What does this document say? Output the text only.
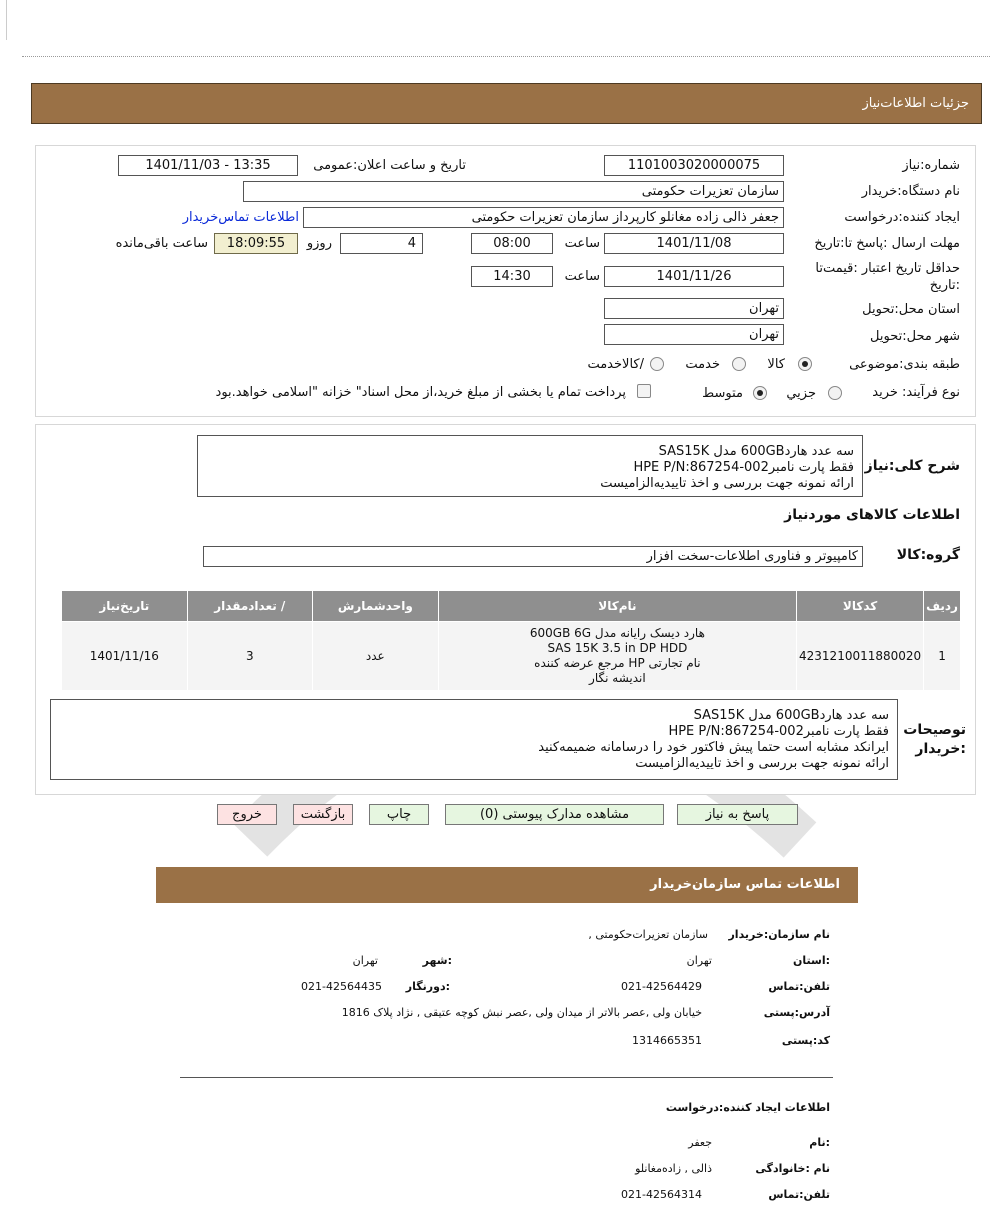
جزئیات اطلاعات‌نیاز
شماره:نیاز
1101003020000075
تاریخ و ساعت اعلان:عمومی
1401/11/03 - 13:35
نام دستگاه:خریدار
سازمان تعزیرات حکومتی
ایجاد کننده:درخواست
جعفر ذالی زاده مغانلو کارپرداز سازمان تعزیرات حکومتی
اطلاعات تماس‌خریدار
مهلت ارسال :پاسخ تا:تاریخ
1401/11/08
ساعت
08:00
4
روزو
18:09:55
ساعت باقی‌مانده
حداقل تاریخ اعتبار :قیمت‌تا
:تاریخ
1401/11/26
ساعت
14:30
استان محل:تحویل
تهران
شهر محل:تحویل
تهران
طبقه بندی:موضوعی
کالا
خدمت
/کالاخدمت
نوع فرآیند: خرید
جزيي
متوسط
پرداخت تمام یا بخشی از مبلغ خرید،از محل اسناد" خزانه "اسلامی خواهد.بود
شرح کلی:نیاز
سه عدد هارد600GB مدل SAS15K
فقط پارت نامبرHPE P/N:867254-002
ارائه نمونه جهت بررسی و اخذ تاییدیه‌الزامیست
اطلاعات کالاهای موردنیاز
گروه:کالا
کامپیوتر و فناوری اطلاعات-سخت افزار
ردیف	کدکالا	نام‌کالا	واحدشمارش	/ تعدادمقدار	تاریخ‌نیاز
1	4231210011880020	هارد دیسک رایانه مدل 600GB 6G
SAS 15K 3.5 in DP HDD
نام تجارتی HP مرجع عرضه کننده
اندیشه نگار	عدد	3	1401/11/16
توصیحات
:خریدار
سه عدد هارد600GB مدل SAS15K
فقط پارت نامبرHPE P/N:867254-002
ایرانکد مشابه است حتما پیش فاکتور خود را درسامانه ضمیمه‌کنید
ارائه نمونه جهت بررسی و اخذ تاییدیه‌الزامیست
پاسخ به نیاز
مشاهده مدارک پیوستی (0)
چاپ
بازگشت
خروج
اطلاعات تماس سازمان‌خریدار
نام سازمان:خریدار
سازمان تعزیرات‌حکومتی ,
:استان
تهران
:شهر
تهران
تلفن:تماس
021-42564429
:دورنگار
021-42564435
آدرس:پستی
خیابان ولی ,عصر بالاتر از میدان ولی ,عصر نبش کوچه عتیقی , نژاد پلاک 1816
کد:پستی
1314665351
اطلاعات ایجاد کننده:درخواست
:نام
جعفر
نام :خانوادگی
ذالی , زاده‌مغانلو
تلفن:تماس
021-42564314
